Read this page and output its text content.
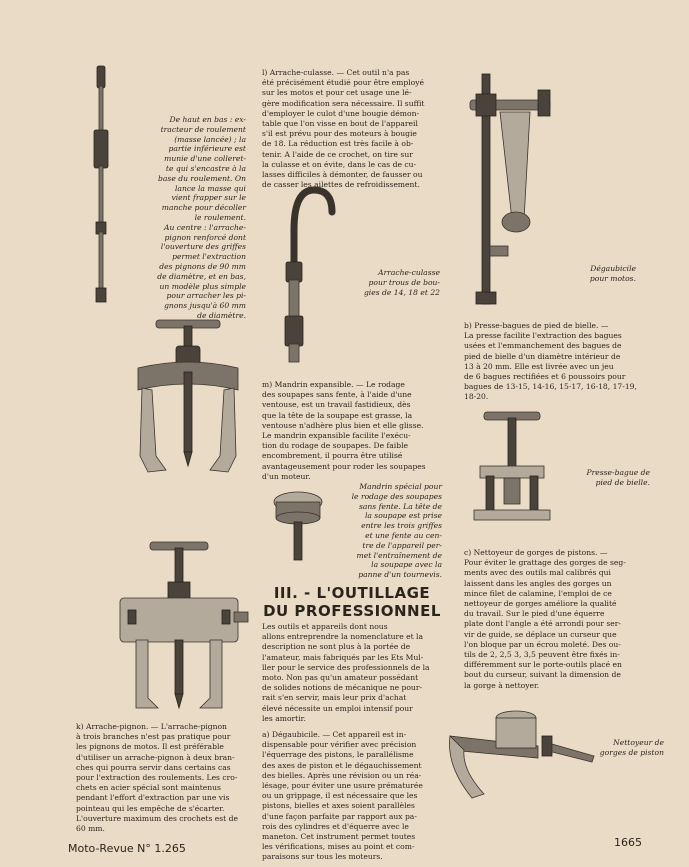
De haut en bas : ex-
tracteur de roulement
(masse lancée) ; la
partie inférieure est
munie d'une colleret-
te qui s'encastre à la
base du roulement. On
lance la masse qui
vient frapper sur le
manche pour décoller
le roulement.
Au centre : l'arrache-
pignon renforcé dont
l'ouverture des griffes
permet l'extraction
des pignons de 90 mm
de diamètre, et en bas,
un modèle plus simple
pour arracher les pi-
gnons jusqu'à 60 mm
de diamètre.
Arrache-culasse
pour trous de bou-
gies de 14, 18 et 22
Dégaubicile
pour motos.
Presse-bague de
pied de bielle.
Mandrin spécial pour
le rodage des soupapes
sans fente. La tête de
la soupape est prise
entre les trois griffes
et une fente au cen-
tre de l'appareil per-
met l'entraînement de
la soupape avec la
panne d'un tournevis.
Nettoyeur de
gorges de piston
l) Arrache-culasse. — Cet outil n'a pas
été précisément étudié pour être employé
sur les motos et pour cet usage une lé-
gère modification sera nécessaire. Il suffit
d'employer le culot d'une bougie démon-
table que l'on visse en bout de l'appareil
s'il est prévu pour des moteurs à bougie
de 18. La réduction est très facile à ob-
tenir. A l'aide de ce crochet, on tire sur
la culasse et on évite, dans le cas de cu-
lasses difficiles à démonter, de fausser ou
de casser les ailettes de refroidissement.
b) Presse-bagues de pied de bielle. —
La presse facilite l'extraction des bagues
usées et l'emmanchement des bagues de
pied de bielle d'un diamètre intérieur de
13 à 20 mm. Elle est livrée avec un jeu
de 6 bagues rectifiées et 6 poussoirs pour
bagues de 13-15, 14-16, 15-17, 16-18, 17-19,
18-20.
m) Mandrin expansible. — Le rodage
des soupapes sans fente, à l'aide d'une
ventouse, est un travail fastidieux, dès
que la tête de la soupape est grasse, la
ventouse n'adhère plus bien et elle glisse.
Le mandrin expansible facilite l'exécu-
tion du rodage de soupapes. De faible
encombrement, il pourra être utilisé
avantageusement pour roder les soupapes
d'un moteur.
c) Nettoyeur de gorges de pistons. —
Pour éviter le grattage des gorges de seg-
ments avec des outils mal calibrés qui
laissent dans les angles des gorges un
mince filet de calamine, l'emploi de ce
nettoyeur de gorges améliore la qualité
du travail. Sur le pied d'une équerre
plate dont l'angle a été arrondi pour ser-
vir de guide, se déplace un curseur que
l'on bloque par un écrou moleté. Des ou-
tils de 2, 2,5 3, 3,5 peuvent être fixés in-
différemment sur le porte-outils placé en
bout du curseur, suivant la dimension de
la gorge à nettoyer.
k) Arrache-pignon. — L'arrache-pignon
à trois branches n'est pas pratique pour
les pignons de motos. Il est préférable
d'utiliser un arrache-pignon à deux bran-
ches qui pourra servir dans certains cas
pour l'extraction des roulements. Les cro-
chets en acier spécial sont maintenus
pendant l'effort d'extraction par une vis
pointeau qui les empêche de s'écarter.
L'ouverture maximum des crochets est de
60 mm.
III. - L'OUTILLAGE
DU PROFESSIONNEL
Les outils et appareils dont nous
allons entreprendre la nomenclature et la
description ne sont plus à la portée de
l'amateur, mais fabriqués par les Ets Mul-
ller pour le service des professionnels de la
moto. Non pas qu'un amateur possédant
de solides notions de mécanique ne pour-
rait s'en servir, mais leur prix d'achat
élevé nécessite un emploi intensif pour
les amortir.
a) Dégaubicile. — Cet appareil est in-
dispensable pour vérifier avec précision
l'équerrage des pistons, le parallélisme
des axes de piston et le dégauchissement
des bielles. Après une révision ou un réa-
lésage, pour éviter une usure prématurée
ou un grippage, il est nécessaire que les
pistons, bielles et axes soient parallèles
d'une façon parfaite par rapport aux pa-
rois des cylindres et d'équerre avec le
maneton. Cet instrument permet toutes
les vérifications, mises au point et com-
paraisons sur tous les moteurs.
Moto-Revue N° 1.265	1665
